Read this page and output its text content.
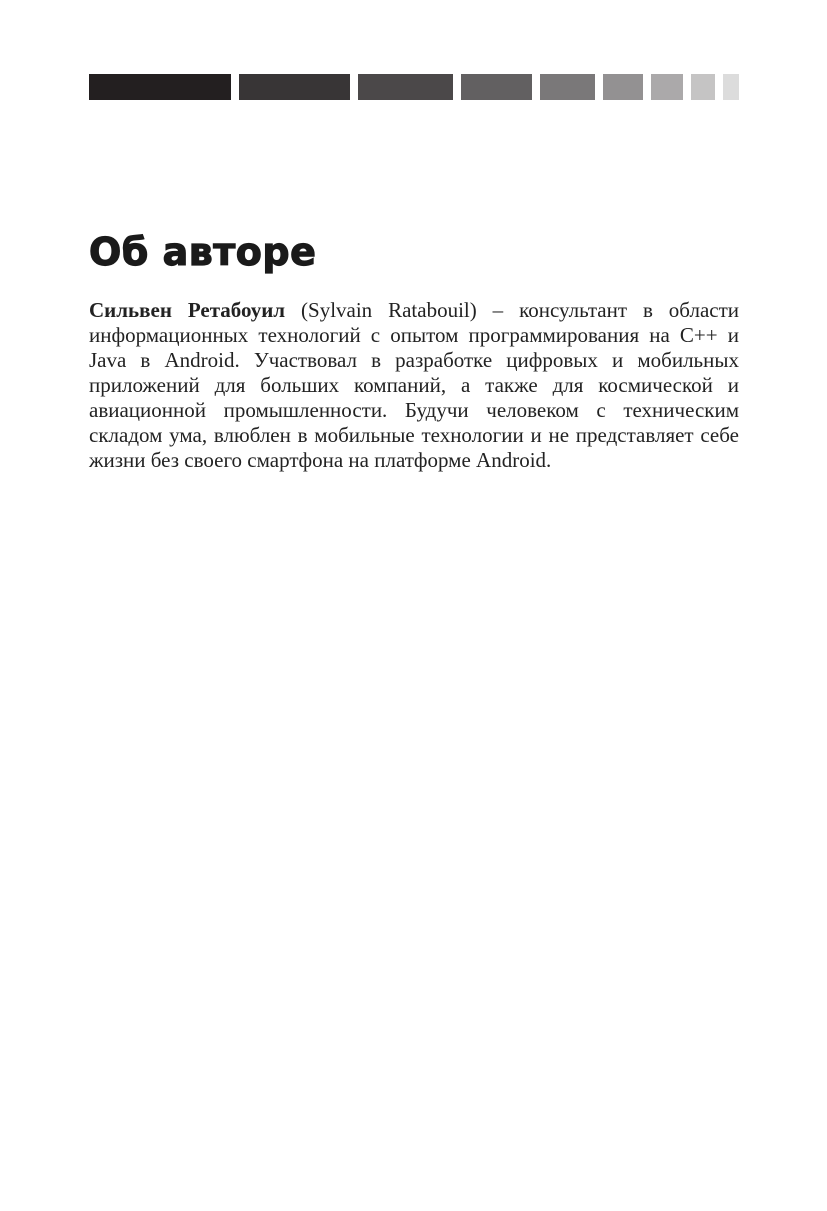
Об авторе

Сильвен Ретабоуил (Sylvain Ratabouil) – консультант в области информационных технологий с опытом программирования на C++ и Java в Android. Участвовал в разработке цифровых и мобильных приложений для больших компаний, а также для космической и авиационной промышленности. Будучи человеком с техническим складом ума, влюблен в мобильные технологии и не представляет себе жизни без своего смартфона на платформе Android.
